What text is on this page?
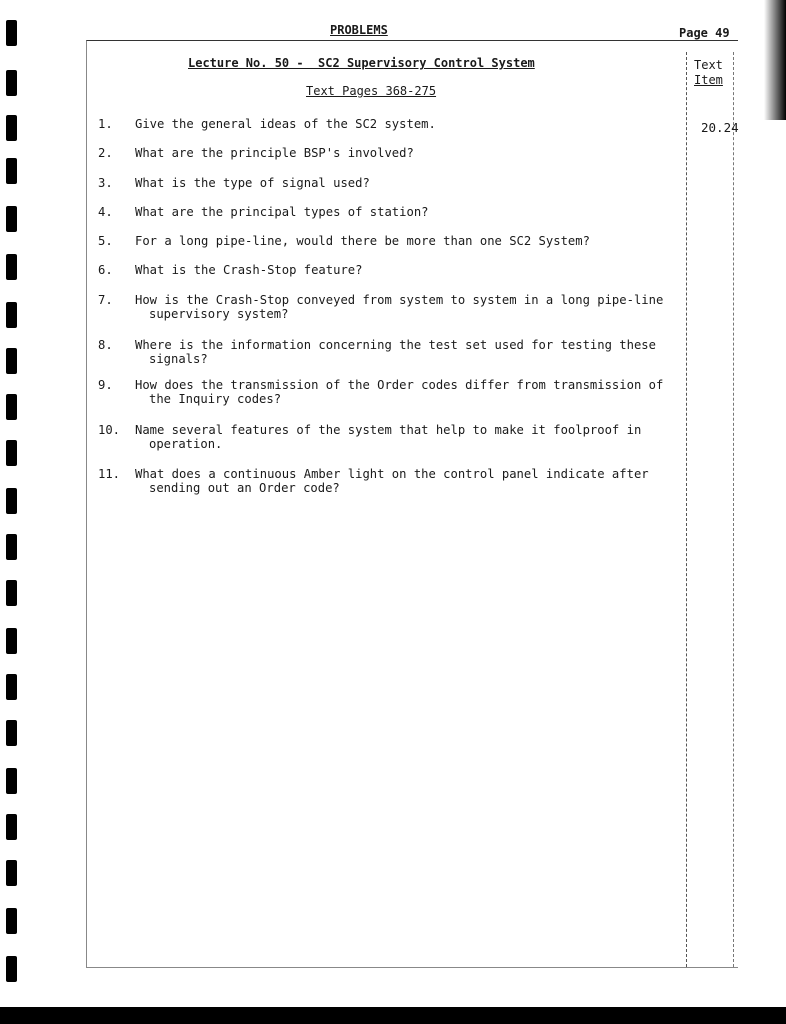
PROBLEMS	Page 49
Text
Item
20.24
Lecture No. 50 -  SC2 Supervisory Control System
Text Pages 368-275
1. Give the general ideas of the SC2 system.
2. What are the principle BSP's involved?
3. What is the type of signal used?
4. What are the principal types of station?
5. For a long pipe-line, would there be more than one SC2 System?
6. What is the Crash-Stop feature?
7. How is the Crash-Stop conveyed from system to system in a long pipe-line
supervisory system?
8. Where is the information concerning the test set used for testing these
signals?
9. How does the transmission of the Order codes differ from transmission of
the Inquiry codes?
10. Name several features of the system that help to make it foolproof in
operation.
11. What does a continuous Amber light on the control panel indicate after
sending out an Order code?
